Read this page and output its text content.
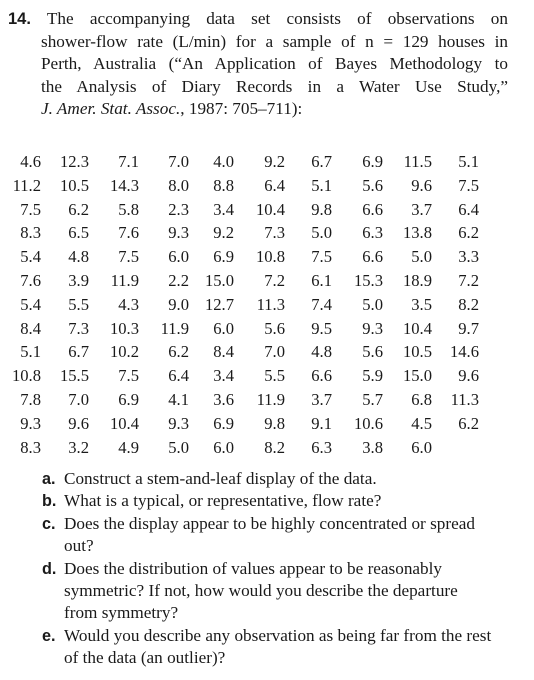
14. The accompanying data set consists of observations on
shower-flow rate (L/min) for a sample of n = 129 houses in
Perth, Australia (“An Application of Bayes Methodology to
the Analysis of Diary Records in a Water Use Study,”
J. Amer. Stat. Assoc., 1987: 705–711):
4.6	12.3	7.1	7.0	4.0	9.2	6.7	6.9	11.5	5.1
11.2	10.5	14.3	8.0	8.8	6.4	5.1	5.6	9.6	7.5
7.5	6.2	5.8	2.3	3.4	10.4	9.8	6.6	3.7	6.4
8.3	6.5	7.6	9.3	9.2	7.3	5.0	6.3	13.8	6.2
5.4	4.8	7.5	6.0	6.9	10.8	7.5	6.6	5.0	3.3
7.6	3.9	11.9	2.2	15.0	7.2	6.1	15.3	18.9	7.2
5.4	5.5	4.3	9.0	12.7	11.3	7.4	5.0	3.5	8.2
8.4	7.3	10.3	11.9	6.0	5.6	9.5	9.3	10.4	9.7
5.1	6.7	10.2	6.2	8.4	7.0	4.8	5.6	10.5	14.6
10.8	15.5	7.5	6.4	3.4	5.5	6.6	5.9	15.0	9.6
7.8	7.0	6.9	4.1	3.6	11.9	3.7	5.7	6.8	11.3
9.3	9.6	10.4	9.3	6.9	9.8	9.1	10.6	4.5	6.2
8.3	3.2	4.9	5.0	6.0	8.2	6.3	3.8	6.0	
a. Construct a stem-and-leaf display of the data.
b. What is a typical, or representative, flow rate?
c. Does the display appear to be highly concentrated or spread out?
d. Does the distribution of values appear to be reasonably symmetric? If not, how would you describe the departure from symmetry?
e. Would you describe any observation as being far from the rest of the data (an outlier)?
